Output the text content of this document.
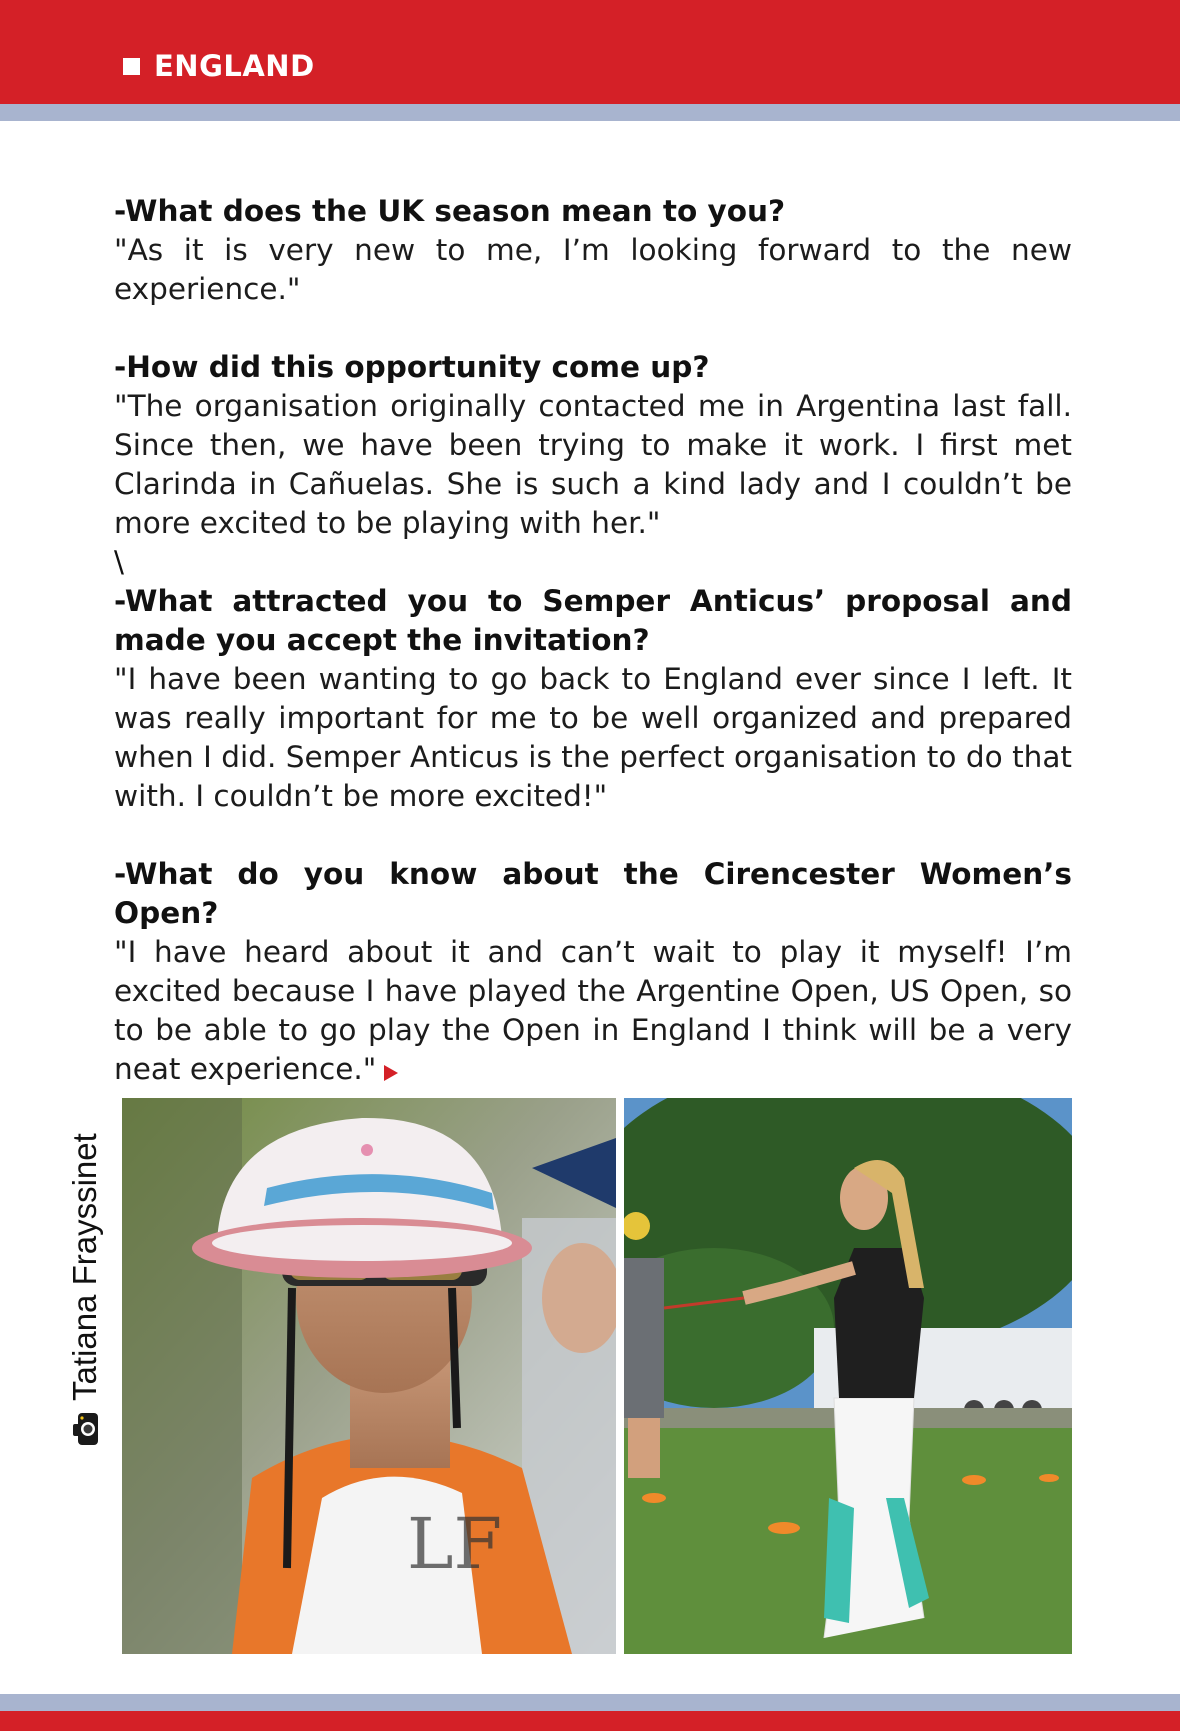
ENGLAND

-What does the UK season mean to you?

"As it is very new to me, I’m looking forward to the new experience."

-How did this opportunity come up?

"The organisation originally contacted me in Argentina last fall. Since then, we have been trying to make it work. I first met Clarinda in Cañuelas. She is such a kind lady and I couldn’t be more excited to be playing with her."

\

-What attracted you to Semper Anticus’ proposal and made you accept the invitation?

"I have been wanting to go back to England ever since I left. It was really important for me to be well organized and prepared when I did. Semper Anticus is the perfect organisation to do that with. I couldn’t be more excited!"

-What do you know about the Cirencester Women’s Open?

"I have heard about it and can’t wait to play it myself! I’m excited because I have played the Argentine Open, US Open, so to be able to go play the Open in England I think will be a very neat experience."

Tatiana Frayssinet
LF
